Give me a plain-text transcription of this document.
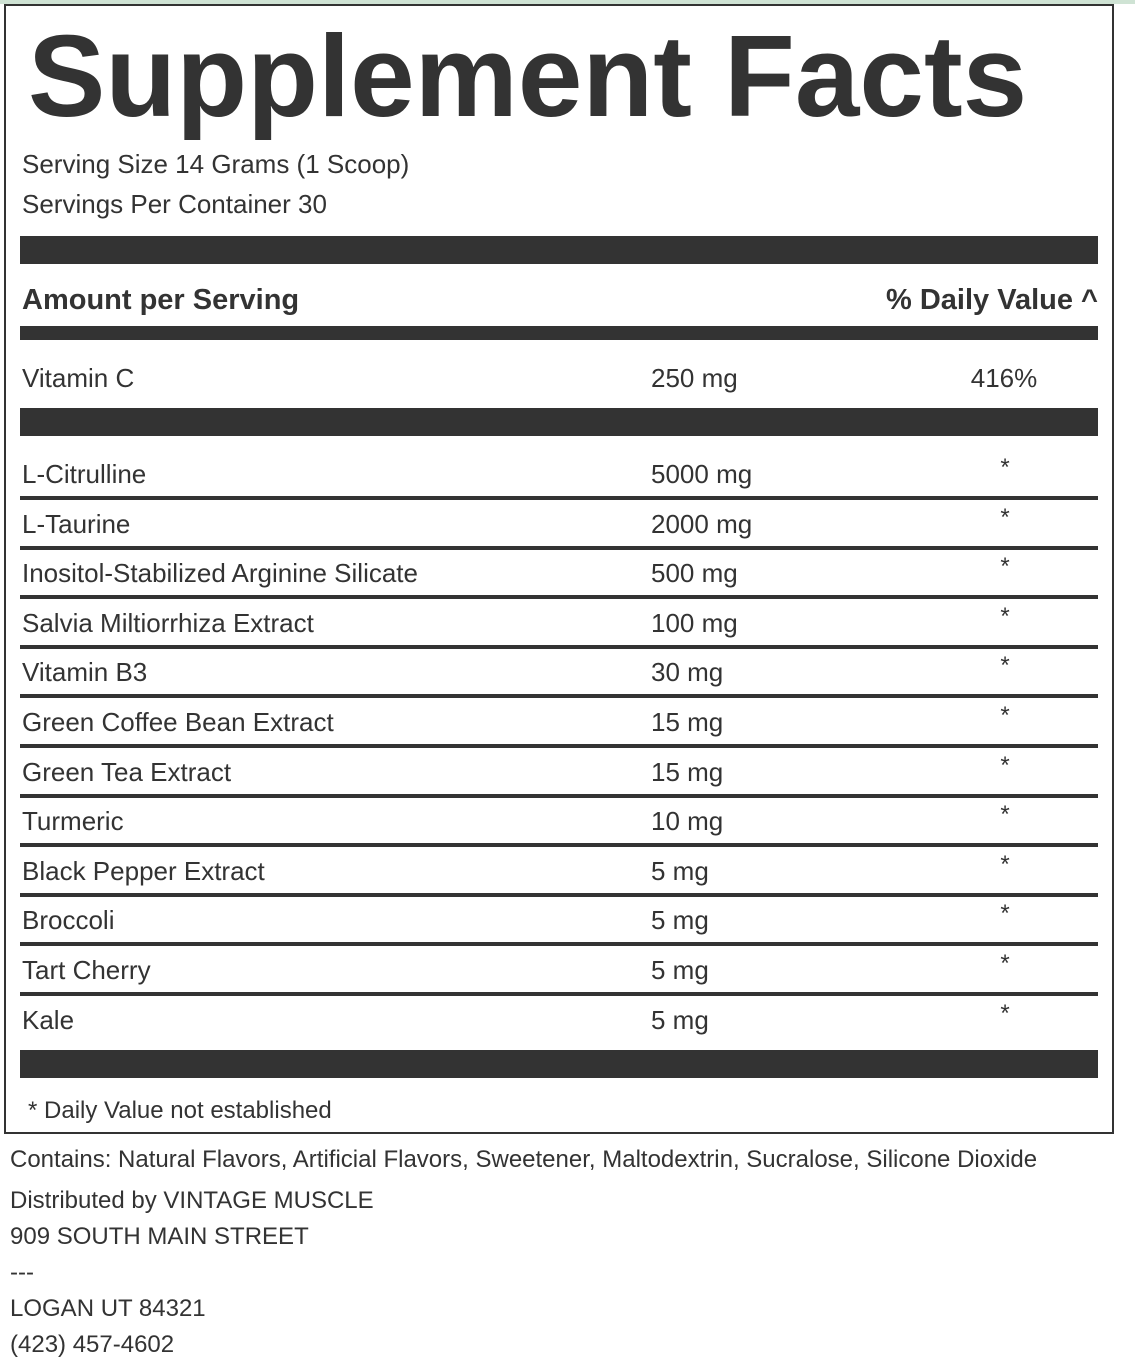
Supplement Facts
Serving Size 14 Grams (1 Scoop)
Servings Per Container 30
Amount per Serving	% Daily Value ^
Vitamin C	250 mg	416%
L-Citrulline	5000 mg	*
L-Taurine	2000 mg	*
Inositol-Stabilized Arginine Silicate	500 mg	*
Salvia Miltiorrhiza Extract	100 mg	*
Vitamin B3	30 mg	*
Green Coffee Bean Extract	15 mg	*
Green Tea Extract	15 mg	*
Turmeric	10 mg	*
Black Pepper Extract	5 mg	*
Broccoli	5 mg	*
Tart Cherry	5 mg	*
Kale	5 mg	*
* Daily Value not established
Contains: Natural Flavors, Artificial Flavors, Sweetener, Maltodextrin, Sucralose, Silicone Dioxide
Distributed by VINTAGE MUSCLE
909 SOUTH MAIN STREET
---
LOGAN UT 84321
(423) 457-4602
